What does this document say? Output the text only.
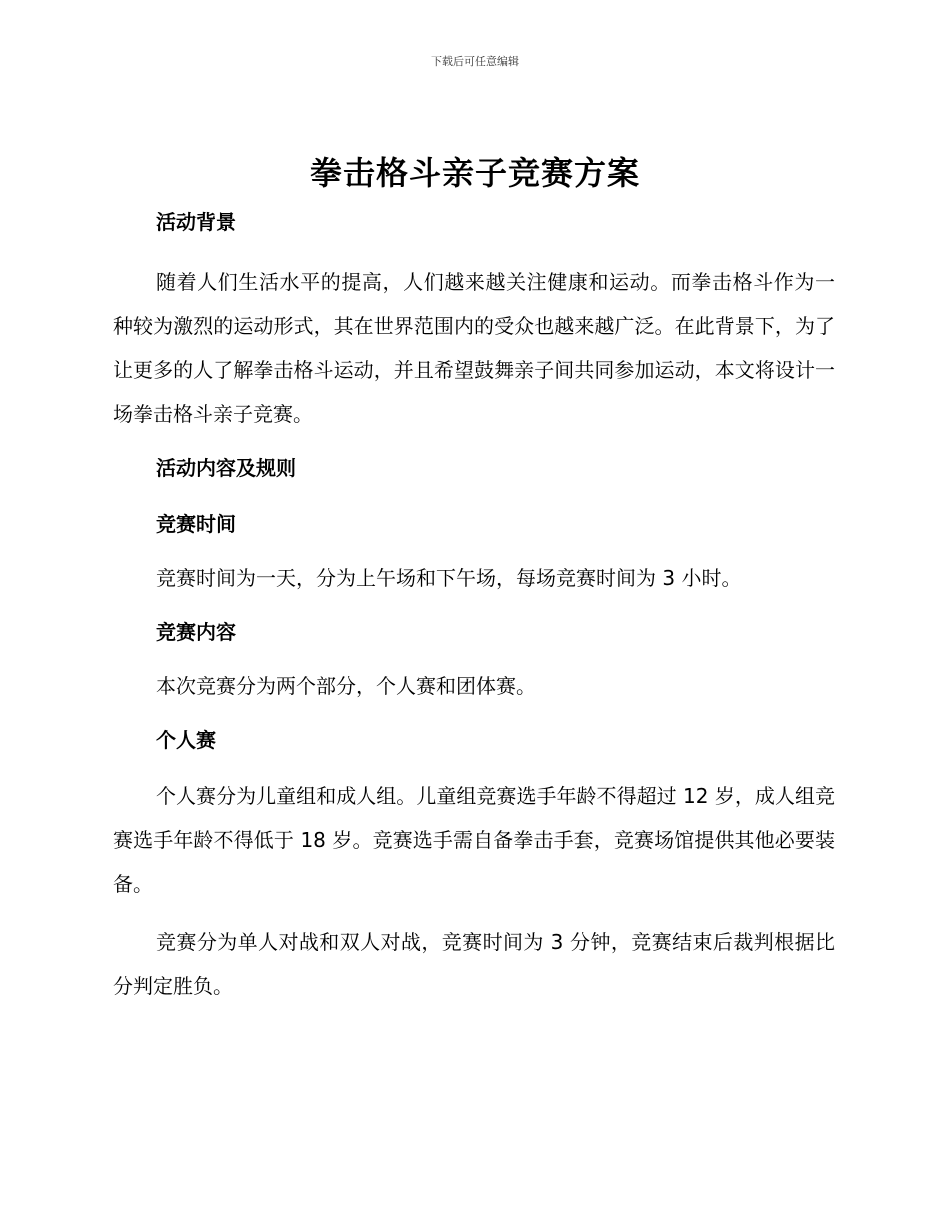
下载后可任意编辑
拳击格斗亲子竞赛方案

活动背景

随着人们生活水平的提高，人们越来越关注健康和运动。而拳击格斗作为一种较为激烈的运动形式，其在世界范围内的受众也越来越广泛。在此背景下，为了让更多的人了解拳击格斗运动，并且希望鼓舞亲子间共同参加运动，本文将设计一场拳击格斗亲子竞赛。

活动内容及规则

竞赛时间

竞赛时间为一天，分为上午场和下午场，每场竞赛时间为 3 小时。

竞赛内容

本次竞赛分为两个部分，个人赛和团体赛。

个人赛

个人赛分为儿童组和成人组。儿童组竞赛选手年龄不得超过 12 岁，成人组竞赛选手年龄不得低于 18 岁。竞赛选手需自备拳击手套，竞赛场馆提供其他必要装备。

竞赛分为单人对战和双人对战，竞赛时间为 3 分钟，竞赛结束后裁判根据比分判定胜负。
